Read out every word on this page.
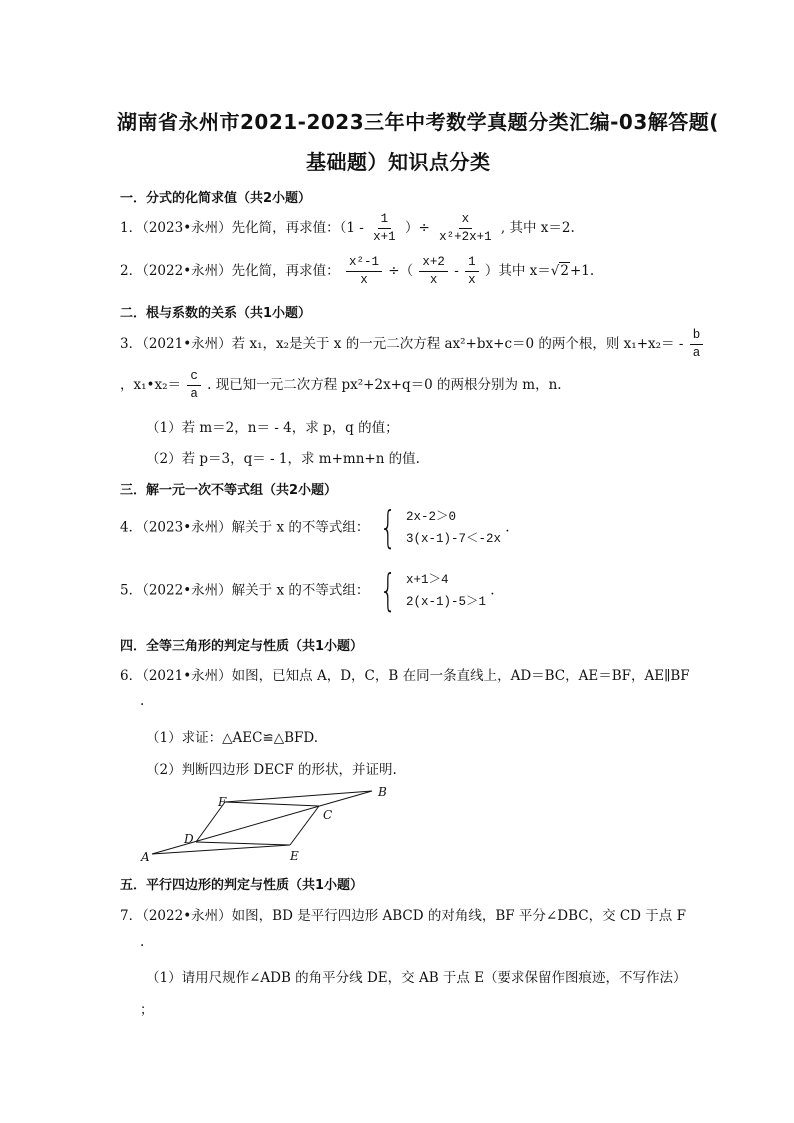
湖南省永州市2021-2023三年中考数学真题分类汇编-03解答题(
基础题）知识点分类
一．分式的化简求值（共2小题）
1．（2023•永州）先化简，再求值：（$1 - \frac{1}{x+1}$ ）÷ $\frac{x}{\text{x²+2x+1}}$ , 其中 x＝2.
2．（2022•永州）先化简，再求值： $\frac{\text{x²-1}}{x}$ ÷（ $\frac{x+2}{x} - \frac{1}{x}$ ）其中 x＝√2+1.
二．根与系数的关系（共1小题）
3．（2021•永州）若 x₁，x₂是关于 x 的一元二次方程 ax²+bx+c＝0 的两个根，则 $x_1+x_2= - \frac{b}{a}$
，x₁•x₂＝ $\frac{c}{a}$ . 现已知一元二次方程 px²+2x+q＝0 的两根分别为 m，n.
（1）若 m＝2，n＝ - 4，求 p，q 的值；
（2）若 p＝3，q＝ - 1，求 m+mn+n 的值.
三．解一元一次不等式组（共2小题）
4．（2023•永州）解关于 x 的不等式组： { 2x-2＞0
3(x-1)-7＜-2x
.
5．（2022•永州）解关于 x 的不等式组： { x+1＞4
2(x-1)-5＞1
.
四．全等三角形的判定与性质（共1小题）
6．（2021•永州）如图，已知点 A，D，C，B 在同一条直线上，AD＝BC，AE＝BF，AE∥BF
.
（1）求证：△AEC≌△BFD.
（2）判断四边形 DECF 的形状，并证明.
A
B
C
D
E
F
五．平行四边形的判定与性质（共1小题）
7．（2022•永州）如图，BD 是平行四边形 ABCD 的对角线，BF 平分∠DBC，交 CD 于点 F
.
（1）请用尺规作∠ADB 的角平分线 DE，交 AB 于点 E（要求保留作图痕迹，不写作法）
；
